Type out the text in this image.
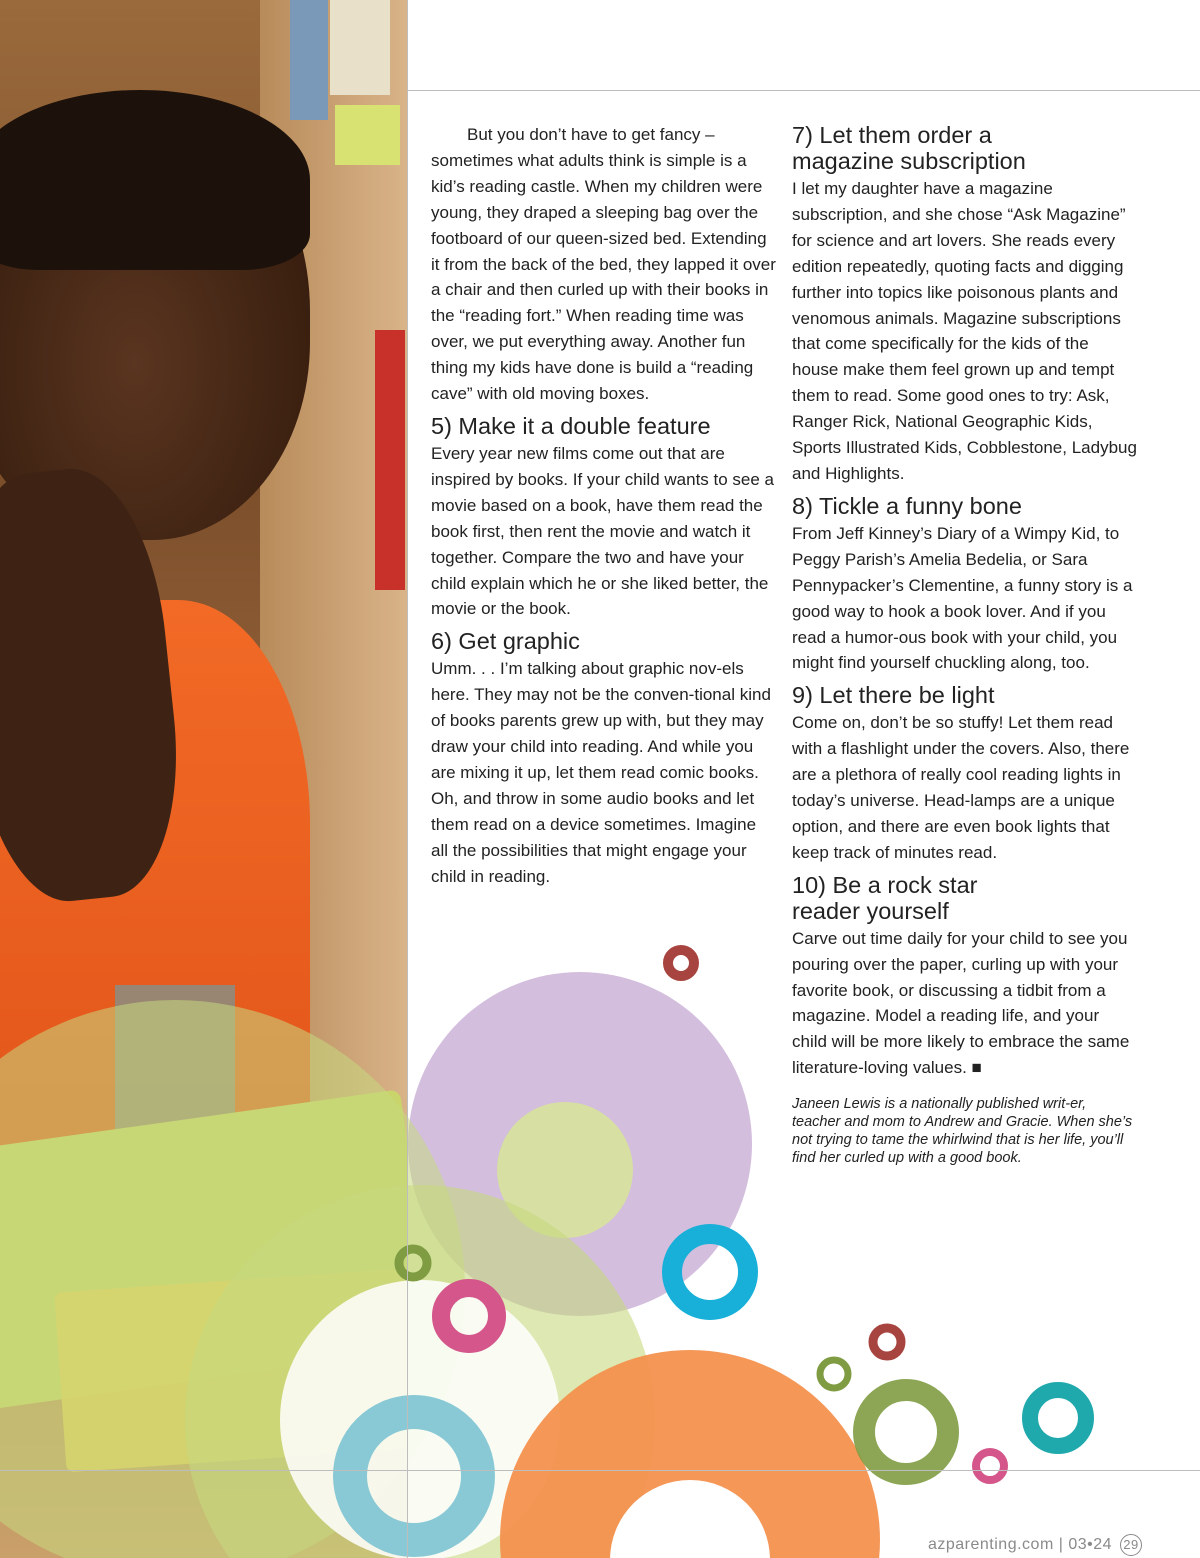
But you don’t have to get fancy – sometimes what adults think is simple is a kid’s reading castle. When my children were young, they draped a sleeping bag over the footboard of our queen-sized bed. Extending it from the back of the bed, they lapped it over a chair and then curled up with their books in the “reading fort.” When reading time was over, we put everything away. Another fun thing my kids have done is build a “reading cave” with old moving boxes.

5) Make it a double feature

Every year new films come out that are inspired by books. If your child wants to see a movie based on a book, have them read the book first, then rent the movie and watch it together. Compare the two and have your child explain which he or she liked better, the movie or the book.

6) Get graphic

Umm. . . I’m talking about graphic nov-els here. They may not be the conven-tional kind of books parents grew up with, but they may draw your child into reading. And while you are mixing it up, let them read comic books. Oh, and throw in some audio books and let them read on a device sometimes. Imagine all the possibilities that might engage your child in reading.

7) Let them order a magazine subscription

I let my daughter have a magazine subscription, and she chose “Ask Magazine” for science and art lovers. She reads every edition repeatedly, quoting facts and digging further into topics like poisonous plants and venomous animals. Magazine subscriptions that come specifically for the kids of the house make them feel grown up and tempt them to read. Some good ones to try: Ask, Ranger Rick, National Geographic Kids, Sports Illustrated Kids, Cobblestone, Ladybug and Highlights.

8) Tickle a funny bone

From Jeff Kinney’s Diary of a Wimpy Kid, to Peggy Parish’s Amelia Bedelia, or Sara Pennypacker’s Clementine, a funny story is a good way to hook a book lover. And if you read a humor-ous book with your child, you might find yourself chuckling along, too.

9) Let there be light

Come on, don’t be so stuffy! Let them read with a flashlight under the covers. Also, there are a plethora of really cool reading lights in today’s universe. Head-lamps are a unique option, and there are even book lights that keep track of minutes read.

10) Be a rock star reader yourself

Carve out time daily for your child to see you pouring over the paper, curling up with your favorite book, or discussing a tidbit from a magazine. Model a reading life, and your child will be more likely to embrace the same literature-loving values. ■

Janeen Lewis is a nationally published writ-er, teacher and mom to Andrew and Gracie. When she’s not trying to tame the whirlwind that is her life, you’ll find her curled up with a good book.

azparenting.com | 03•24 29
